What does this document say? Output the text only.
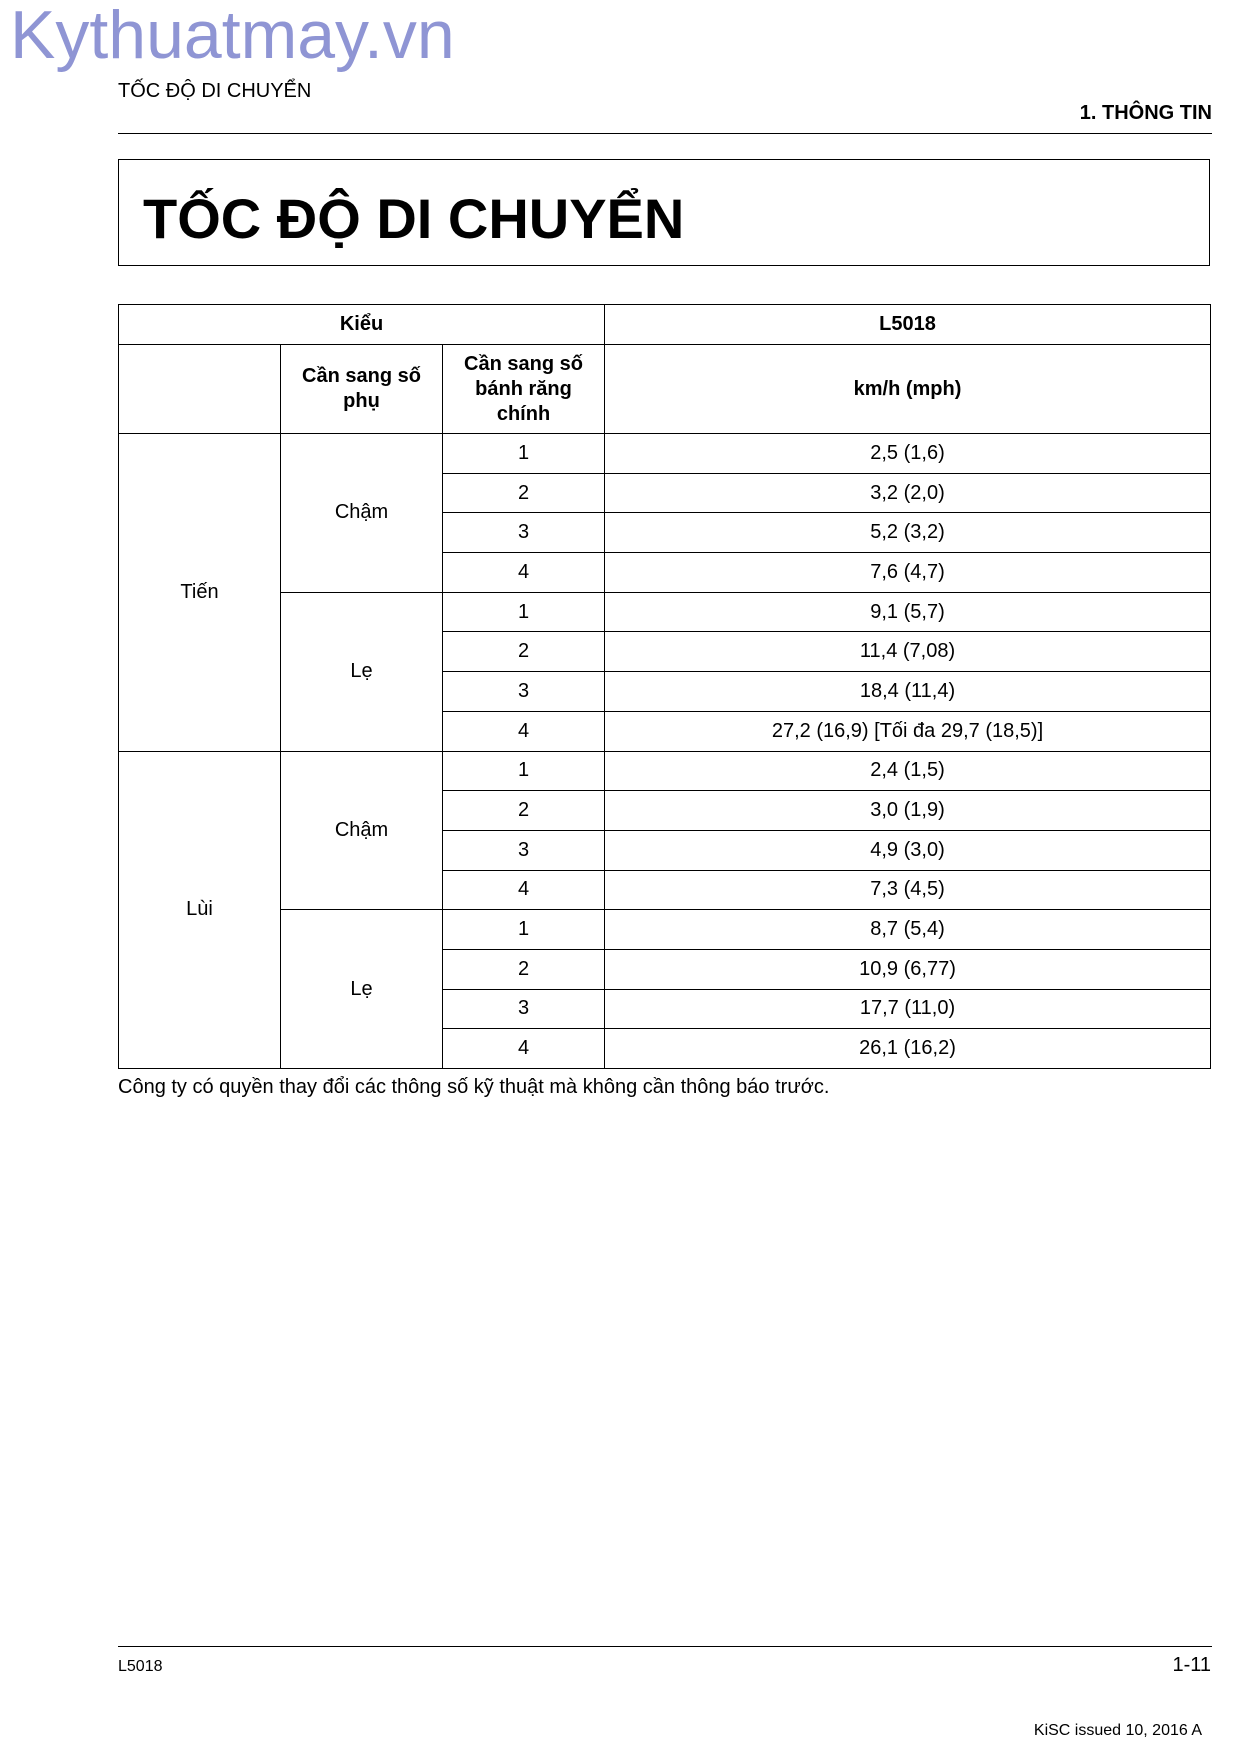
Kythuatmay.vn
TỐC ĐỘ DI CHUYỂN
1. THÔNG TIN
TỐC ĐỘ DI CHUYỂN
Kiểu			L5018

	Cần sang số phụ	Cần sang số bánh răng chính	km/h (mph)
Tiến	Chậm	1	2,5 (1,6)
		2	3,2 (2,0)
		3	5,2 (3,2)
		4	7,6 (4,7)
	Lẹ	1	9,1 (5,7)
		2	11,4 (7,08)
		3	18,4 (11,4)
		4	27,2 (16,9) [Tối đa 29,7 (18,5)]
Lùi	Chậm	1	2,4 (1,5)
		2	3,0 (1,9)
		3	4,9 (3,0)
		4	7,3 (4,5)
	Lẹ	1	8,7 (5,4)
		2	10,9 (6,77)
		3	17,7 (11,0)
		4	26,1 (16,2)
Công ty có quyền thay đổi các thông số kỹ thuật mà không cần thông báo trước.
L5018	1-11
KiSC issued 10, 2016 A
